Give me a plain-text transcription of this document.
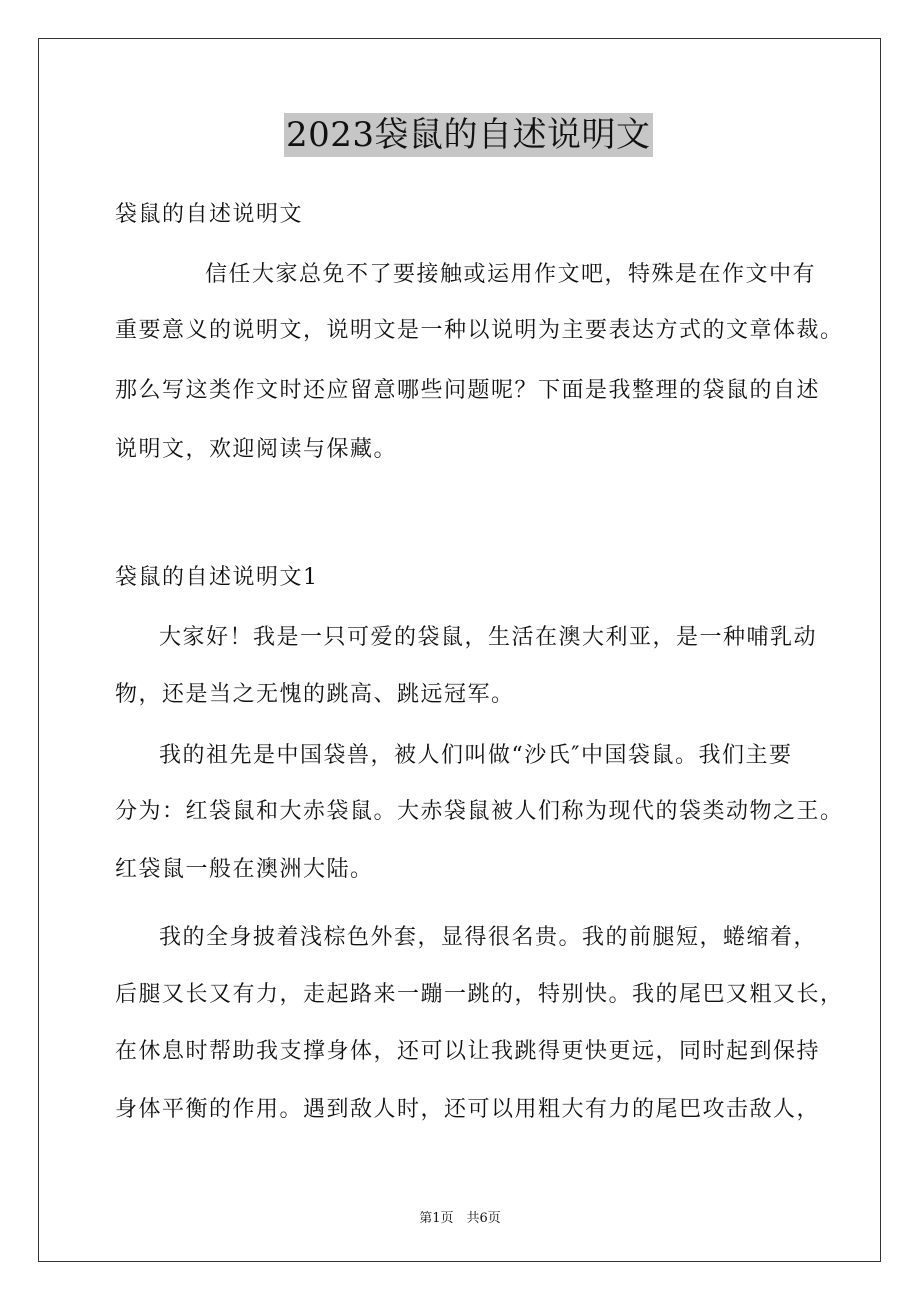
2023袋鼠的自述说明文
袋鼠的自述说明文
信任大家总免不了要接触或运用作文吧，特殊是在作文中有
重要意义的说明文，说明文是一种以说明为主要表达方式的文章体裁。
那么写这类作文时还应留意哪些问题呢？下面是我整理的袋鼠的自述
说明文，欢迎阅读与保藏。
袋鼠的自述说明文1
大家好！我是一只可爱的袋鼠，生活在澳大利亚，是一种哺乳动
物，还是当之无愧的跳高、跳远冠军。
我的祖先是中国袋兽，被人们叫做“沙氏″中国袋鼠。我们主要
分为：红袋鼠和大赤袋鼠。大赤袋鼠被人们称为现代的袋类动物之王。
红袋鼠一般在澳洲大陆。
我的全身披着浅棕色外套，显得很名贵。我的前腿短，蜷缩着，
后腿又长又有力，走起路来一蹦一跳的，特别快。我的尾巴又粗又长，
在休息时帮助我支撑身体，还可以让我跳得更快更远，同时起到保持
身体平衡的作用。遇到敌人时，还可以用粗大有力的尾巴攻击敌人，
第1页　共6页
